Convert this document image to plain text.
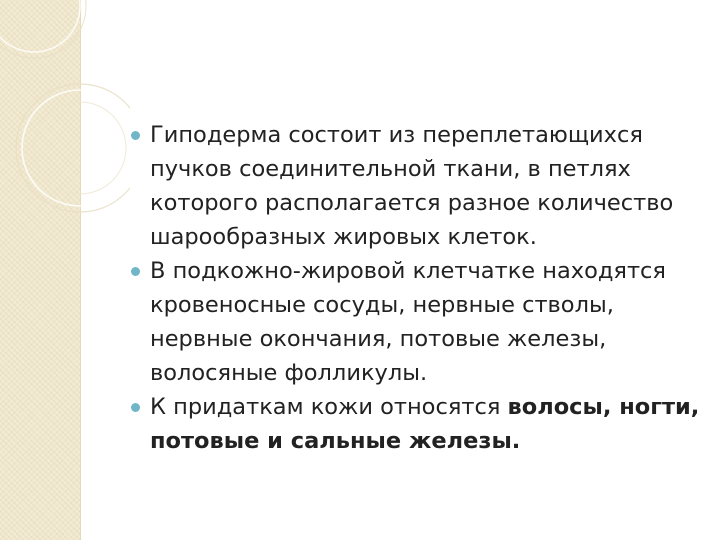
Гиподерма состоит из переплетающихся пучков соединительной ткани, в петлях которого располагается разное количество шарообразных жировых клеток.
В подкожно-жировой клетчатке находятся кровеносные сосуды, нервные стволы, нервные окончания, потовые железы, волосяные фолликулы.
К придаткам кожи относятся волосы, ногти, потовые и сальные железы.
